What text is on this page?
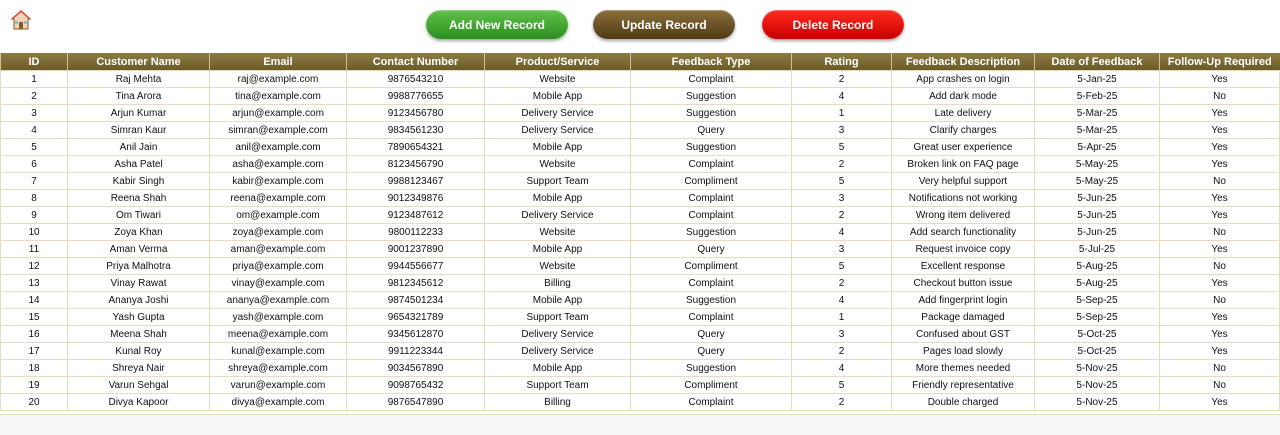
Add New Record	Update Record	Delete Record
ID	Customer Name	Email	Contact Number	Product/Service	Feedback Type	Rating	Feedback Description	Date of Feedback	Follow-Up Required
1	Raj Mehta	raj@example.com	9876543210	Website	Complaint	2	App crashes on login	5-Jan-25	Yes
2	Tina Arora	tina@example.com	9988776655	Mobile App	Suggestion	4	Add dark mode	5-Feb-25	No
3	Arjun Kumar	arjun@example.com	9123456780	Delivery Service	Suggestion	1	Late delivery	5-Mar-25	Yes
4	Simran Kaur	simran@example.com	9834561230	Delivery Service	Query	3	Clarify charges	5-Mar-25	Yes
5	Anil Jain	anil@example.com	7890654321	Mobile App	Suggestion	5	Great user experience	5-Apr-25	Yes
6	Asha Patel	asha@example.com	8123456790	Website	Complaint	2	Broken link on FAQ page	5-May-25	Yes
7	Kabir Singh	kabir@example.com	9988123467	Support Team	Compliment	5	Very helpful support	5-May-25	No
8	Reena Shah	reena@example.com	9012349876	Mobile App	Complaint	3	Notifications not working	5-Jun-25	Yes
9	Om Tiwari	om@example.com	9123487612	Delivery Service	Complaint	2	Wrong item delivered	5-Jun-25	Yes
10	Zoya Khan	zoya@example.com	9800112233	Website	Suggestion	4	Add search functionality	5-Jun-25	No
11	Aman Verma	aman@example.com	9001237890	Mobile App	Query	3	Request invoice copy	5-Jul-25	Yes
12	Priya Malhotra	priya@example.com	9944556677	Website	Compliment	5	Excellent response	5-Aug-25	No
13	Vinay Rawat	vinay@example.com	9812345612	Billing	Complaint	2	Checkout button issue	5-Aug-25	Yes
14	Ananya Joshi	ananya@example.com	9874501234	Mobile App	Suggestion	4	Add fingerprint login	5-Sep-25	No
15	Yash Gupta	yash@example.com	9654321789	Support Team	Complaint	1	Package damaged	5-Sep-25	Yes
16	Meena Shah	meena@example.com	9345612870	Delivery Service	Query	3	Confused about GST	5-Oct-25	Yes
17	Kunal Roy	kunal@example.com	9911223344	Delivery Service	Query	2	Pages load slowly	5-Oct-25	Yes
18	Shreya Nair	shreya@example.com	9034567890	Mobile App	Suggestion	4	More themes needed	5-Nov-25	No
19	Varun Sehgal	varun@example.com	9098765432	Support Team	Compliment	5	Friendly representative	5-Nov-25	No
20	Divya Kapoor	divya@example.com	9876547890	Billing	Complaint	2	Double charged	5-Nov-25	Yes
